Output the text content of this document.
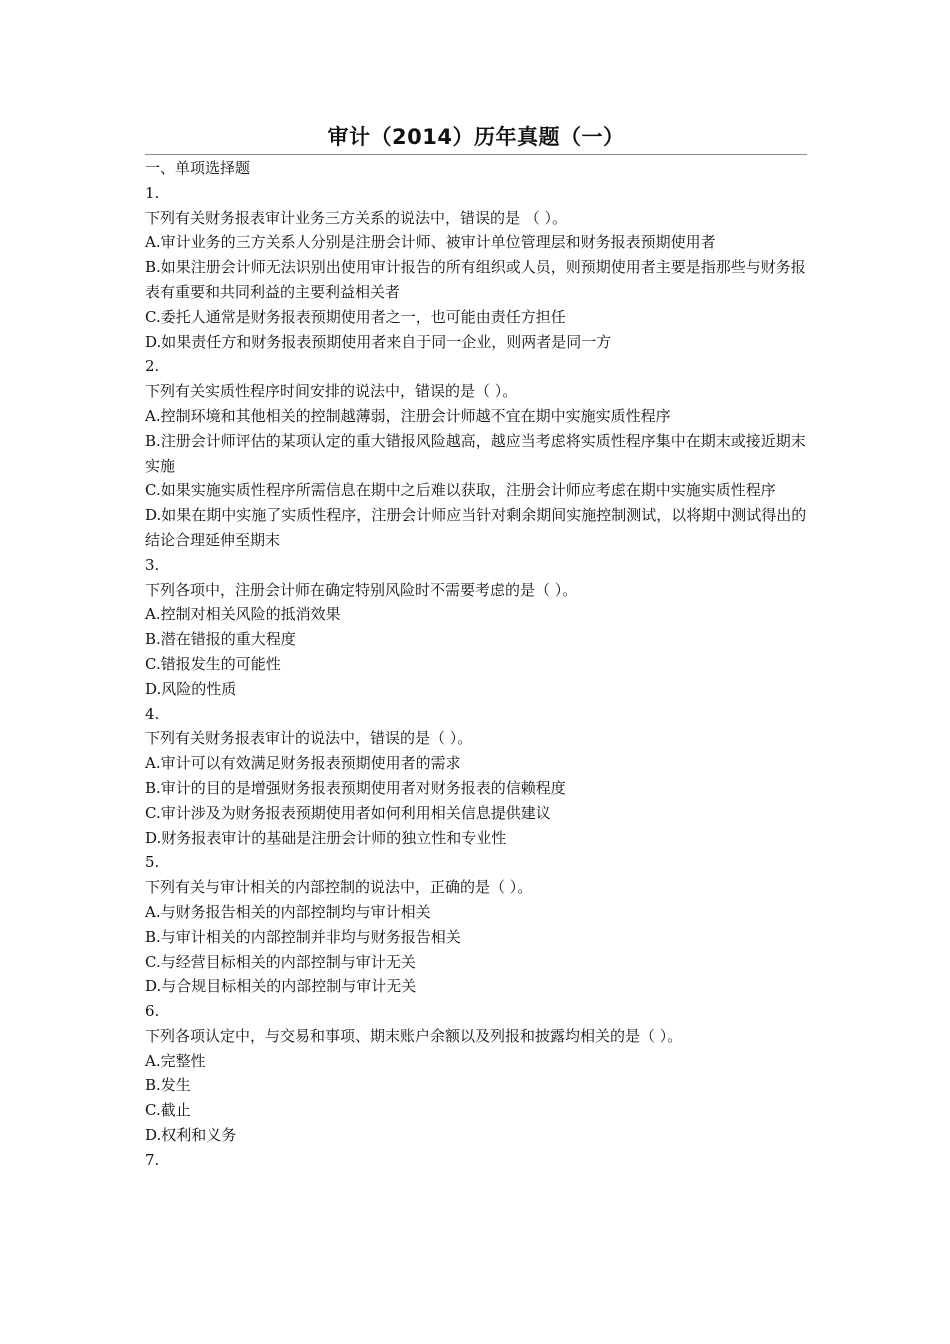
审计（2014）历年真题（一）

一、单项选择题

1.

下列有关财务报表审计业务三方关系的说法中，错误的是 （ ）。

A.审计业务的三方关系人分别是注册会计师、被审计单位管理层和财务报表预期使用者

B.如果注册会计师无法识别出使用审计报告的所有组织或人员，则预期使用者主要是指那些与财务报表有重要和共同利益的主要利益相关者

C.委托人通常是财务报表预期使用者之一，也可能由责任方担任

D.如果责任方和财务报表预期使用者来自于同一企业，则两者是同一方

2.

下列有关实质性程序时间安排的说法中，错误的是（ ）。

A.控制环境和其他相关的控制越薄弱，注册会计师越不宜在期中实施实质性程序

B.注册会计师评估的某项认定的重大错报风险越高，越应当考虑将实质性程序集中在期末或接近期末实施

C.如果实施实质性程序所需信息在期中之后难以获取，注册会计师应考虑在期中实施实质性程序

D.如果在期中实施了实质性程序，注册会计师应当针对剩余期间实施控制测试，以将期中测试得出的结论合理延伸至期末

3.

下列各项中，注册会计师在确定特别风险时不需要考虑的是（ ）。

A.控制对相关风险的抵消效果

B.潜在错报的重大程度

C.错报发生的可能性

D.风险的性质

4.

下列有关财务报表审计的说法中，错误的是（ ）。

A.审计可以有效满足财务报表预期使用者的需求

B.审计的目的是增强财务报表预期使用者对财务报表的信赖程度

C.审计涉及为财务报表预期使用者如何利用相关信息提供建议

D.财务报表审计的基础是注册会计师的独立性和专业性

5.

下列有关与审计相关的内部控制的说法中，正确的是（ ）。

A.与财务报告相关的内部控制均与审计相关

B.与审计相关的内部控制并非均与财务报告相关

C.与经营目标相关的内部控制与审计无关

D.与合规目标相关的内部控制与审计无关

6.

下列各项认定中，与交易和事项、期末账户余额以及列报和披露均相关的是（ ）。

A.完整性

B.发生

C.截止

D.权利和义务

7.
